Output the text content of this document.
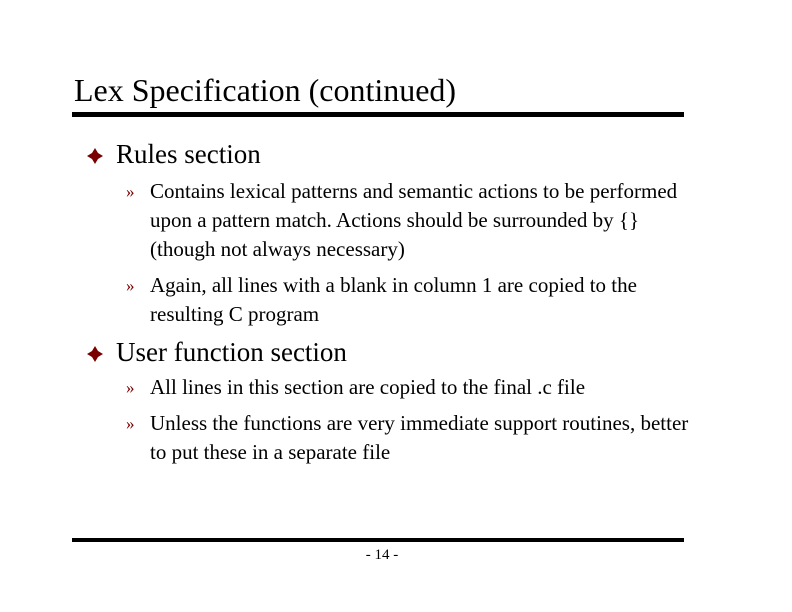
Lex Specification (continued)
Rules section
» Contains lexical patterns and semantic actions to be performed upon a pattern match. Actions should be surrounded by {} (though not always necessary)
» Again, all lines with a blank in column 1 are copied to the resulting C program
User function section
» All lines in this section are copied to the final .c file
» Unless the functions are very immediate support routines, better to put these in a separate file
- 14 -
